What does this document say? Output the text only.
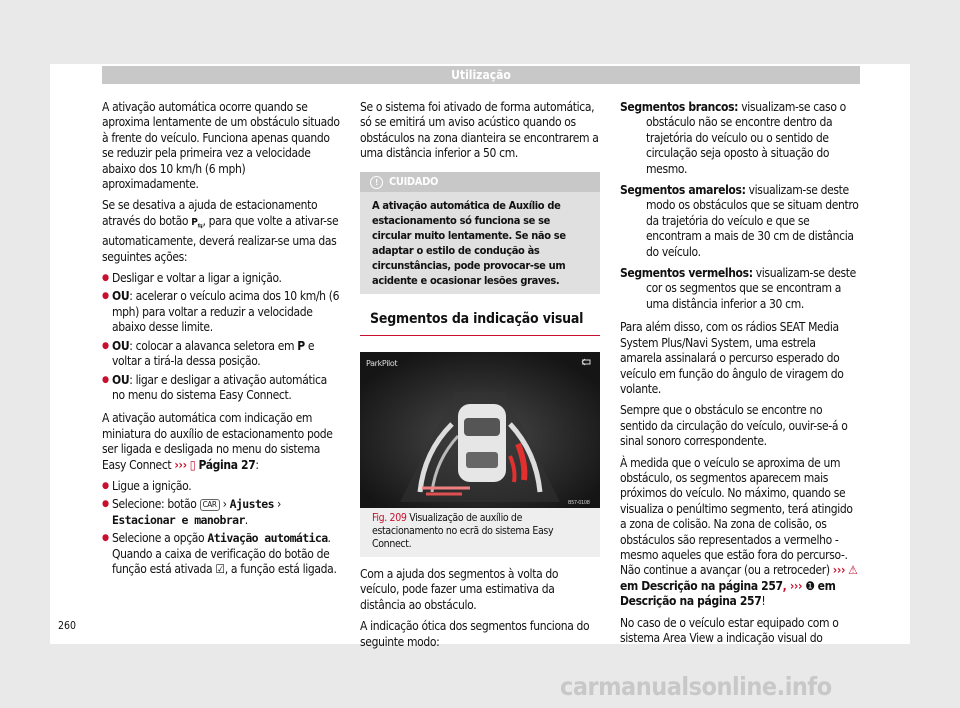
Utilização

A ativação automática ocorre quando se aproxima lentamente de um obstáculo situado à frente do veículo. Funciona apenas quando se reduzir pela primeira vez a velocidade abaixo dos 10 km/h (6 mph) aproximadamente.

Se se desativa a ajuda de estacionamento através do botão $P_⇆$, para que volte a ativar-se automaticamente, deverá realizar-se uma das seguintes ações:

● Desligar e voltar a ligar a ignição.
● OU: acelerar o veículo acima dos 10 km/h (6 mph) para voltar a reduzir a velocidade abaixo desse limite.
● OU: colocar a alavanca seletora em P e voltar a tirá-la dessa posição.
● OU: ligar e desligar a ativação automática no menu do sistema Easy Connect.

A ativação automática com indicação em miniatura do auxílio de estacionamento pode ser ligada e desligada no menu do sistema Easy Connect ››› ▯ Página 27:

● Ligue a ignição.
● Selecione: botão CAR › Ajustes › Estacionar e manobrar.
● Selecione a opção Ativação automática. Quando a caixa de verificação do botão de função está ativada ☑, a função está ligada.

Se o sistema foi ativado de forma automática, só se emitirá um aviso acústico quando os obstáculos na zona dianteira se encontrarem a uma distância inferior a 50 cm.

! CUIDADO
A ativação automática de Auxílio de estacionamento só funciona se se circular muito lentamente. Se não se adaptar o estilo de condução às circunstâncias, pode provocar-se um acidente e ocasionar lesões graves.
Segmentos da indicação visual
ParkPilot
B57-0108
Fig. 209 Visualização de auxílio de estacionamento no ecrã do sistema Easy Connect.

Com a ajuda dos segmentos à volta do veículo, pode fazer uma estimativa da distância ao obstáculo.

A indicação ótica dos segmentos funciona do seguinte modo:

Segmentos brancos: visualizam-se caso o obstáculo não se encontre dentro da trajetória do veículo ou o sentido de circulação seja oposto à situação do mesmo.

Segmentos amarelos: visualizam-se deste modo os obstáculos que se situam dentro da trajetória do veículo e que se encontram a mais de 30 cm de distância do veículo.

Segmentos vermelhos: visualizam-se deste cor os segmentos que se encontram a uma distância inferior a 30 cm.

Para além disso, com os rádios SEAT Media System Plus/Navi System, uma estrela amarela assinalará o percurso esperado do veículo em função do ângulo de viragem do volante.

Sempre que o obstáculo se encontre no sentido da circulação do veículo, ouvir-se-á o sinal sonoro correspondente.

À medida que o veículo se aproxima de um obstáculo, os segmentos aparecem mais próximos do veículo. No máximo, quando se visualiza o penúltimo segmento, terá atingido a zona de colisão. Na zona de colisão, os obstáculos são representados a vermelho - mesmo aqueles que estão fora do percurso-. Não continue a avançar (ou a retroceder) ››› ⚠ em Descrição na página 257, ››› ❶ em Descrição na página 257!

No caso de o veículo estar equipado com o sistema Area View a indicação visual do

260
carmanualsonline.info
